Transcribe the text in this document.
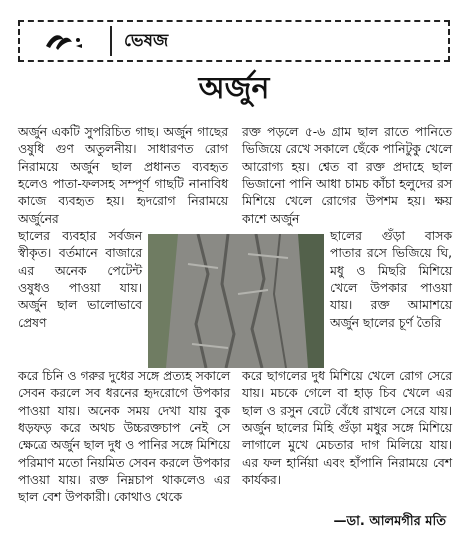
ভেষজ
অর্জুন

অর্জুন একটি সুপরিচিত গাছ। অর্জুন গাছের ওষুধি গুণ অতুলনীয়। সাধারণত রোগ নিরাময়ে অর্জুন ছাল প্রধানত ব্যবহৃত হলেও পাতা-ফলসহ সম্পূর্ণ গাছটি নানাবিধ কাজে ব্যবহৃত হয়। হৃদরোগ নিরাময়ে অর্জুনের

ছালের ব্যবহার সর্বজন স্বীকৃত। বর্তমানে বাজারে এর অনেক পেটেন্ট ওষুধও পাওয়া যায়। অর্জুন ছাল ভালোভাবে প্রেষণ

করে চিনি ও গরুর দুধের সঙ্গে প্রত্যহ সকালে সেবন করলে সব ধরনের হৃদরোগে উপকার পাওয়া যায়। অনেক সময় দেখা যায় বুক ধড়ফড় করে অথচ উচ্চরক্তচাপ নেই সে ক্ষেত্রে অর্জুন ছাল দুধ ও পানির সঙ্গে মিশিয়ে পরিমাণ মতো নিয়মিত সেবন করলে উপকার পাওয়া যায়। রক্ত নিম্নচাপ থাকলেও এর ছাল বেশ উপকারী। কোথাও থেকে

রক্ত পড়লে ৫-৬ গ্রাম ছাল রাতে পানিতে ভিজিয়ে রেখে সকালে ছেঁকে পানিটুকু খেলে আরোগ্য হয়। শ্বেত বা রক্ত প্রদাহে ছাল ভিজানো পানি আধা চামচ কাঁচা হলুদের রস মিশিয়ে খেলে রোগের উপশম হয়। ক্ষয় কাশে অর্জুন

ছালের গুঁড়া বাসক পাতার রসে ভিজিয়ে ঘি, মধু ও মিছরি মিশিয়ে খেলে উপকার পাওয়া যায়। রক্ত আমাশয়ে অর্জুন ছালের চূর্ণ তৈরি

করে ছাগলের দুধ মিশিয়ে খেলে রোগ সেরে যায়। মচকে গেলে বা হাড় চিব খেলে এর ছাল ও রসুন বেটে বেঁধে রাখলে সেরে যায়। অর্জুন ছালের মিহি গুঁড়া মধুর সঙ্গে মিশিয়ে লাগালে মুখে মেচতার দাগ মিলিয়ে যায়। এর ফল হার্নিয়া এবং হাঁপানি নিরাময়ে বেশ কার্যকর।

—ডা. আলমগীর মতি
